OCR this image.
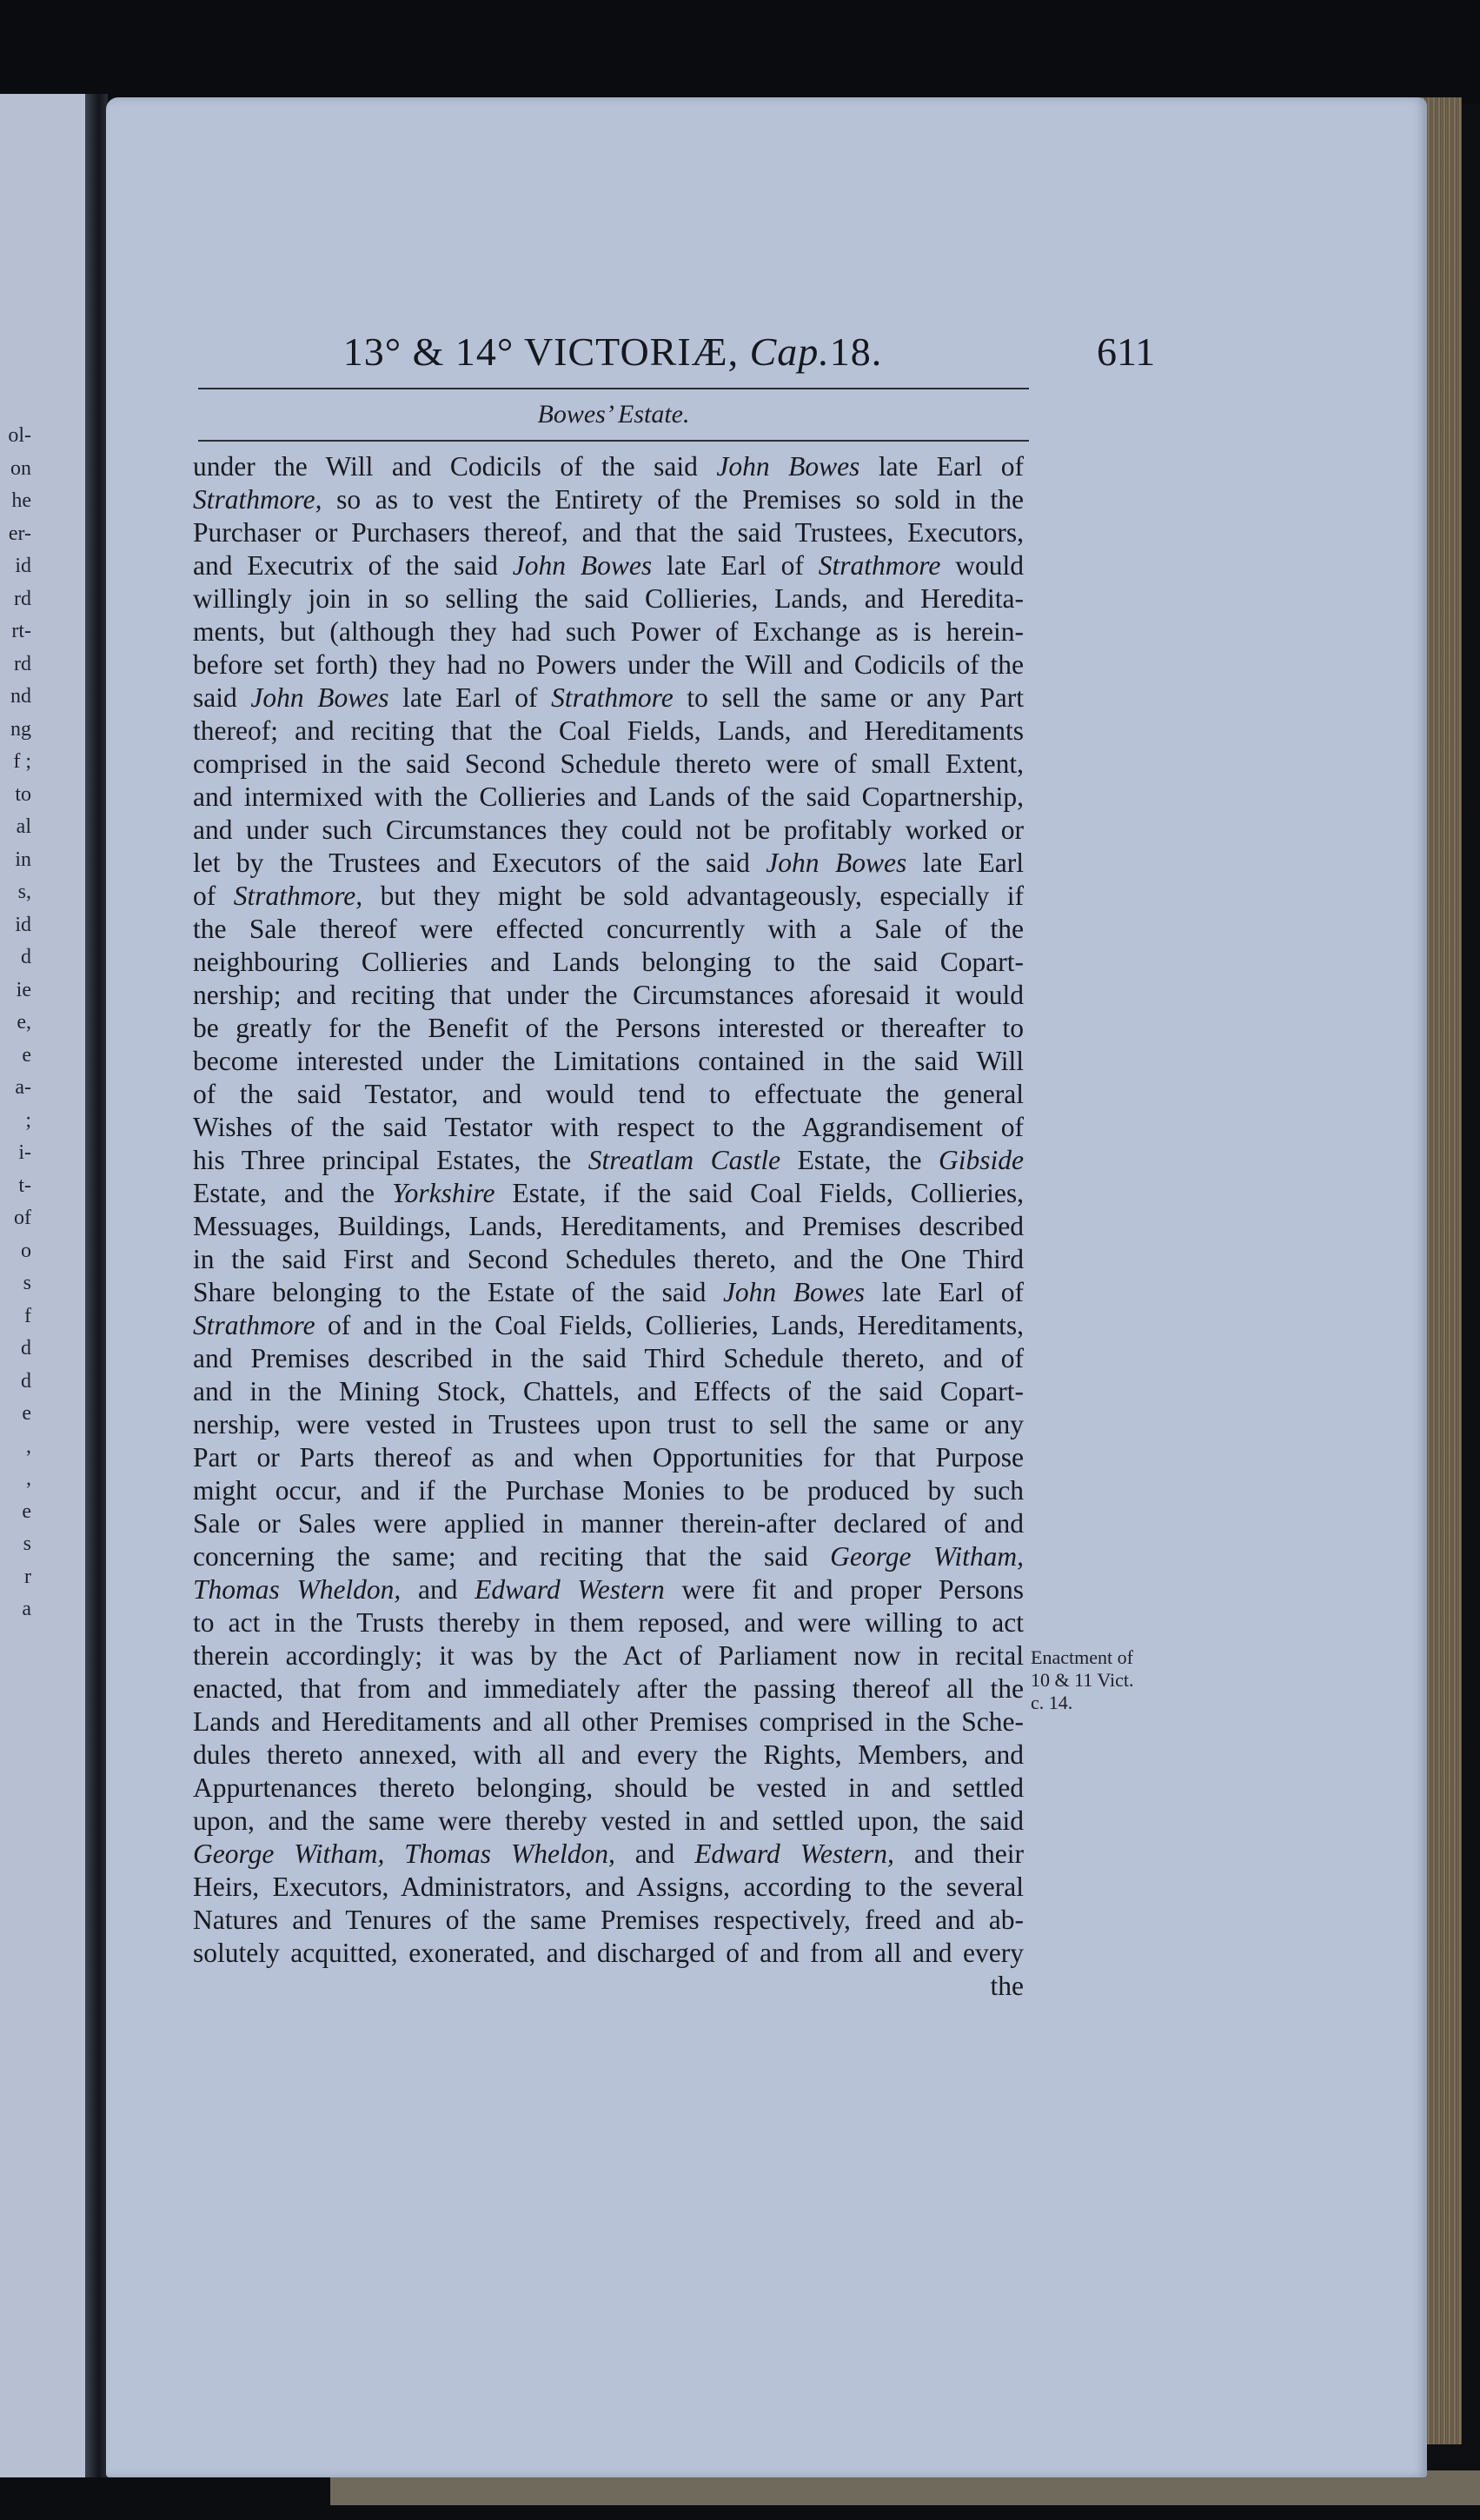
ol-
on
he
er-
id
rd
rt-
rd
nd
ng
f ;
to
al
in
s,
id
d
ie
e,
e
a-
;
i-
t-
of
o
s
f
d
d
e
,
,
e
s
r
a
13° & 14° VICTORIÆ, Cap.18.	611
Bowes’ Estate.
under the Will and Codicils of the said John Bowes late Earl of
Strathmore, so as to vest the Entirety of the Premises so sold in the
Purchaser or Purchasers thereof, and that the said Trustees, Executors,
and Executrix of the said John Bowes late Earl of Strathmore would
willingly join in so selling the said Collieries, Lands, and Heredita-
ments, but (although they had such Power of Exchange as is herein-
before set forth) they had no Powers under the Will and Codicils of the
said John Bowes late Earl of Strathmore to sell the same or any Part
thereof; and reciting that the Coal Fields, Lands, and Hereditaments
comprised in the said Second Schedule thereto were of small Extent,
and intermixed with the Collieries and Lands of the said Copartnership,
and under such Circumstances they could not be profitably worked or
let by the Trustees and Executors of the said John Bowes late Earl
of Strathmore, but they might be sold advantageously, especially if
the Sale thereof were effected concurrently with a Sale of the
neighbouring Collieries and Lands belonging to the said Copart-
nership; and reciting that under the Circumstances aforesaid it would
be greatly for the Benefit of the Persons interested or thereafter to
become interested under the Limitations contained in the said Will
of the said Testator, and would tend to effectuate the general
Wishes of the said Testator with respect to the Aggrandisement of
his Three principal Estates, the Streatlam Castle Estate, the Gibside
Estate, and the Yorkshire Estate, if the said Coal Fields, Collieries,
Messuages, Buildings, Lands, Hereditaments, and Premises described
in the said First and Second Schedules thereto, and the One Third
Share belonging to the Estate of the said John Bowes late Earl of
Strathmore of and in the Coal Fields, Collieries, Lands, Hereditaments,
and Premises described in the said Third Schedule thereto, and of
and in the Mining Stock, Chattels, and Effects of the said Copart-
nership, were vested in Trustees upon trust to sell the same or any
Part or Parts thereof as and when Opportunities for that Purpose
might occur, and if the Purchase Monies to be produced by such
Sale or Sales were applied in manner therein-after declared of and
concerning the same; and reciting that the said George Witham,
Thomas Wheldon, and Edward Western were fit and proper Persons
to act in the Trusts thereby in them reposed, and were willing to act
therein accordingly; it was by the Act of Parliament now in recital
enacted, that from and immediately after the passing thereof all the
Lands and Hereditaments and all other Premises comprised in the Sche-
dules thereto annexed, with all and every the Rights, Members, and
Appurtenances thereto belonging, should be vested in and settled
upon, and the same were thereby vested in and settled upon, the said
George Witham, Thomas Wheldon, and Edward Western, and their
Heirs, Executors, Administrators, and Assigns, according to the several
Natures and Tenures of the same Premises respectively, freed and ab-
solutely acquitted, exonerated, and discharged of and from all and every
the
Enactment of
10 & 11 Vict.
c. 14.
